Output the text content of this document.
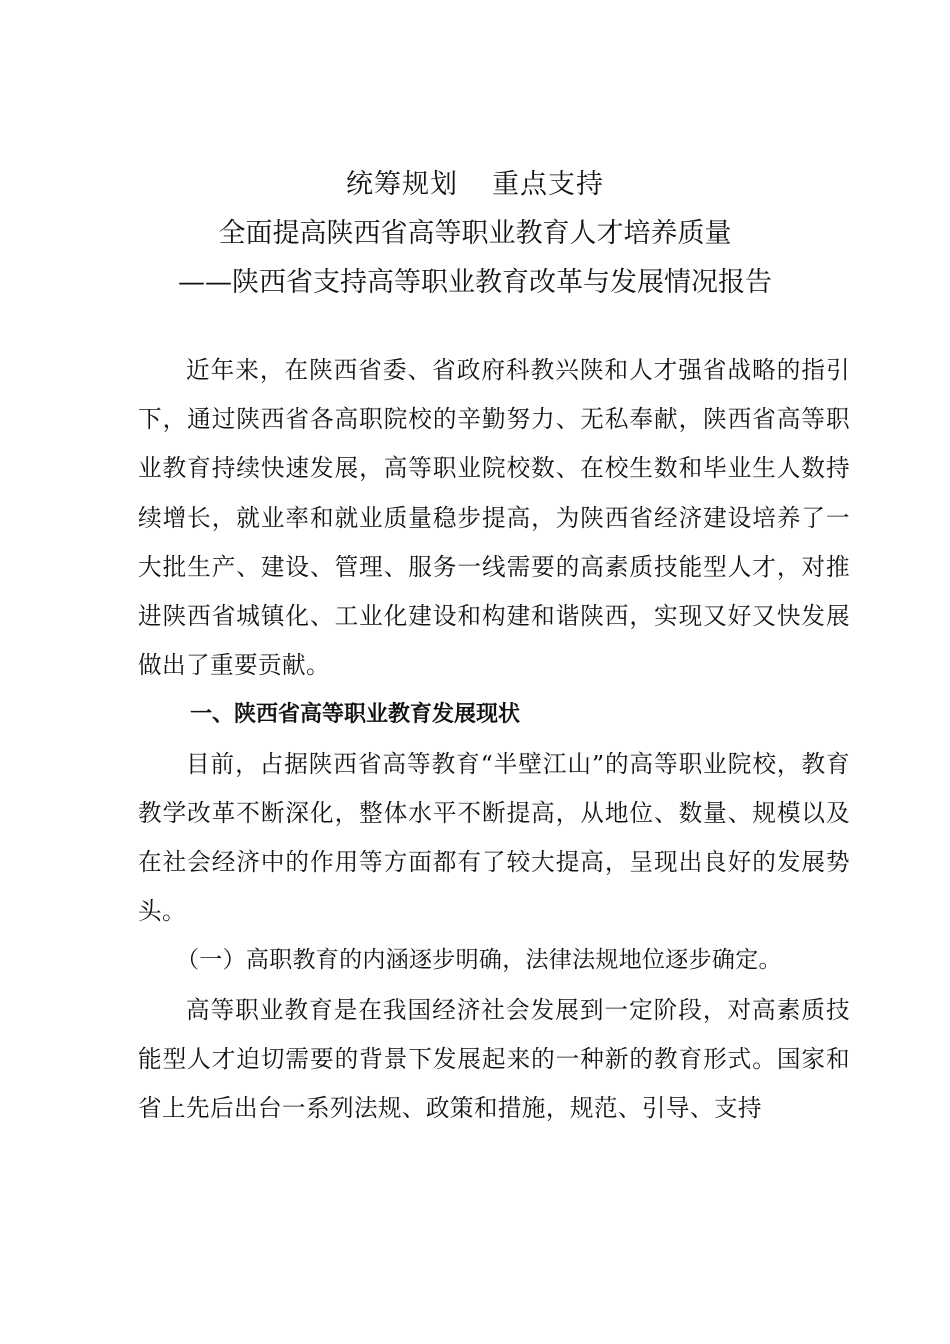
统筹规划 重点支持
全面提高陕西省高等职业教育人才培养质量
——陕西省支持高等职业教育改革与发展情况报告

近年来，在陕西省委、省政府科教兴陕和人才强省战略的指引下，通过陕西省各高职院校的辛勤努力、无私奉献，陕西省高等职业教育持续快速发展，高等职业院校数、在校生数和毕业生人数持续增长，就业率和就业质量稳步提高，为陕西省经济建设培养了一大批生产、建设、管理、服务一线需要的高素质技能型人才，对推进陕西省城镇化、工业化建设和构建和谐陕西，实现又好又快发展做出了重要贡献。

一、陕西省高等职业教育发展现状

目前，占据陕西省高等教育“半壁江山”的高等职业院校，教育教学改革不断深化，整体水平不断提高，从地位、数量、规模以及在社会经济中的作用等方面都有了较大提高，呈现出良好的发展势头。

（一）高职教育的内涵逐步明确，法律法规地位逐步确定。

高等职业教育是在我国经济社会发展到一定阶段，对高素质技能型人才迫切需要的背景下发展起来的一种新的教育形式。国家和省上先后出台一系列法规、政策和措施，规范、引导、支持
